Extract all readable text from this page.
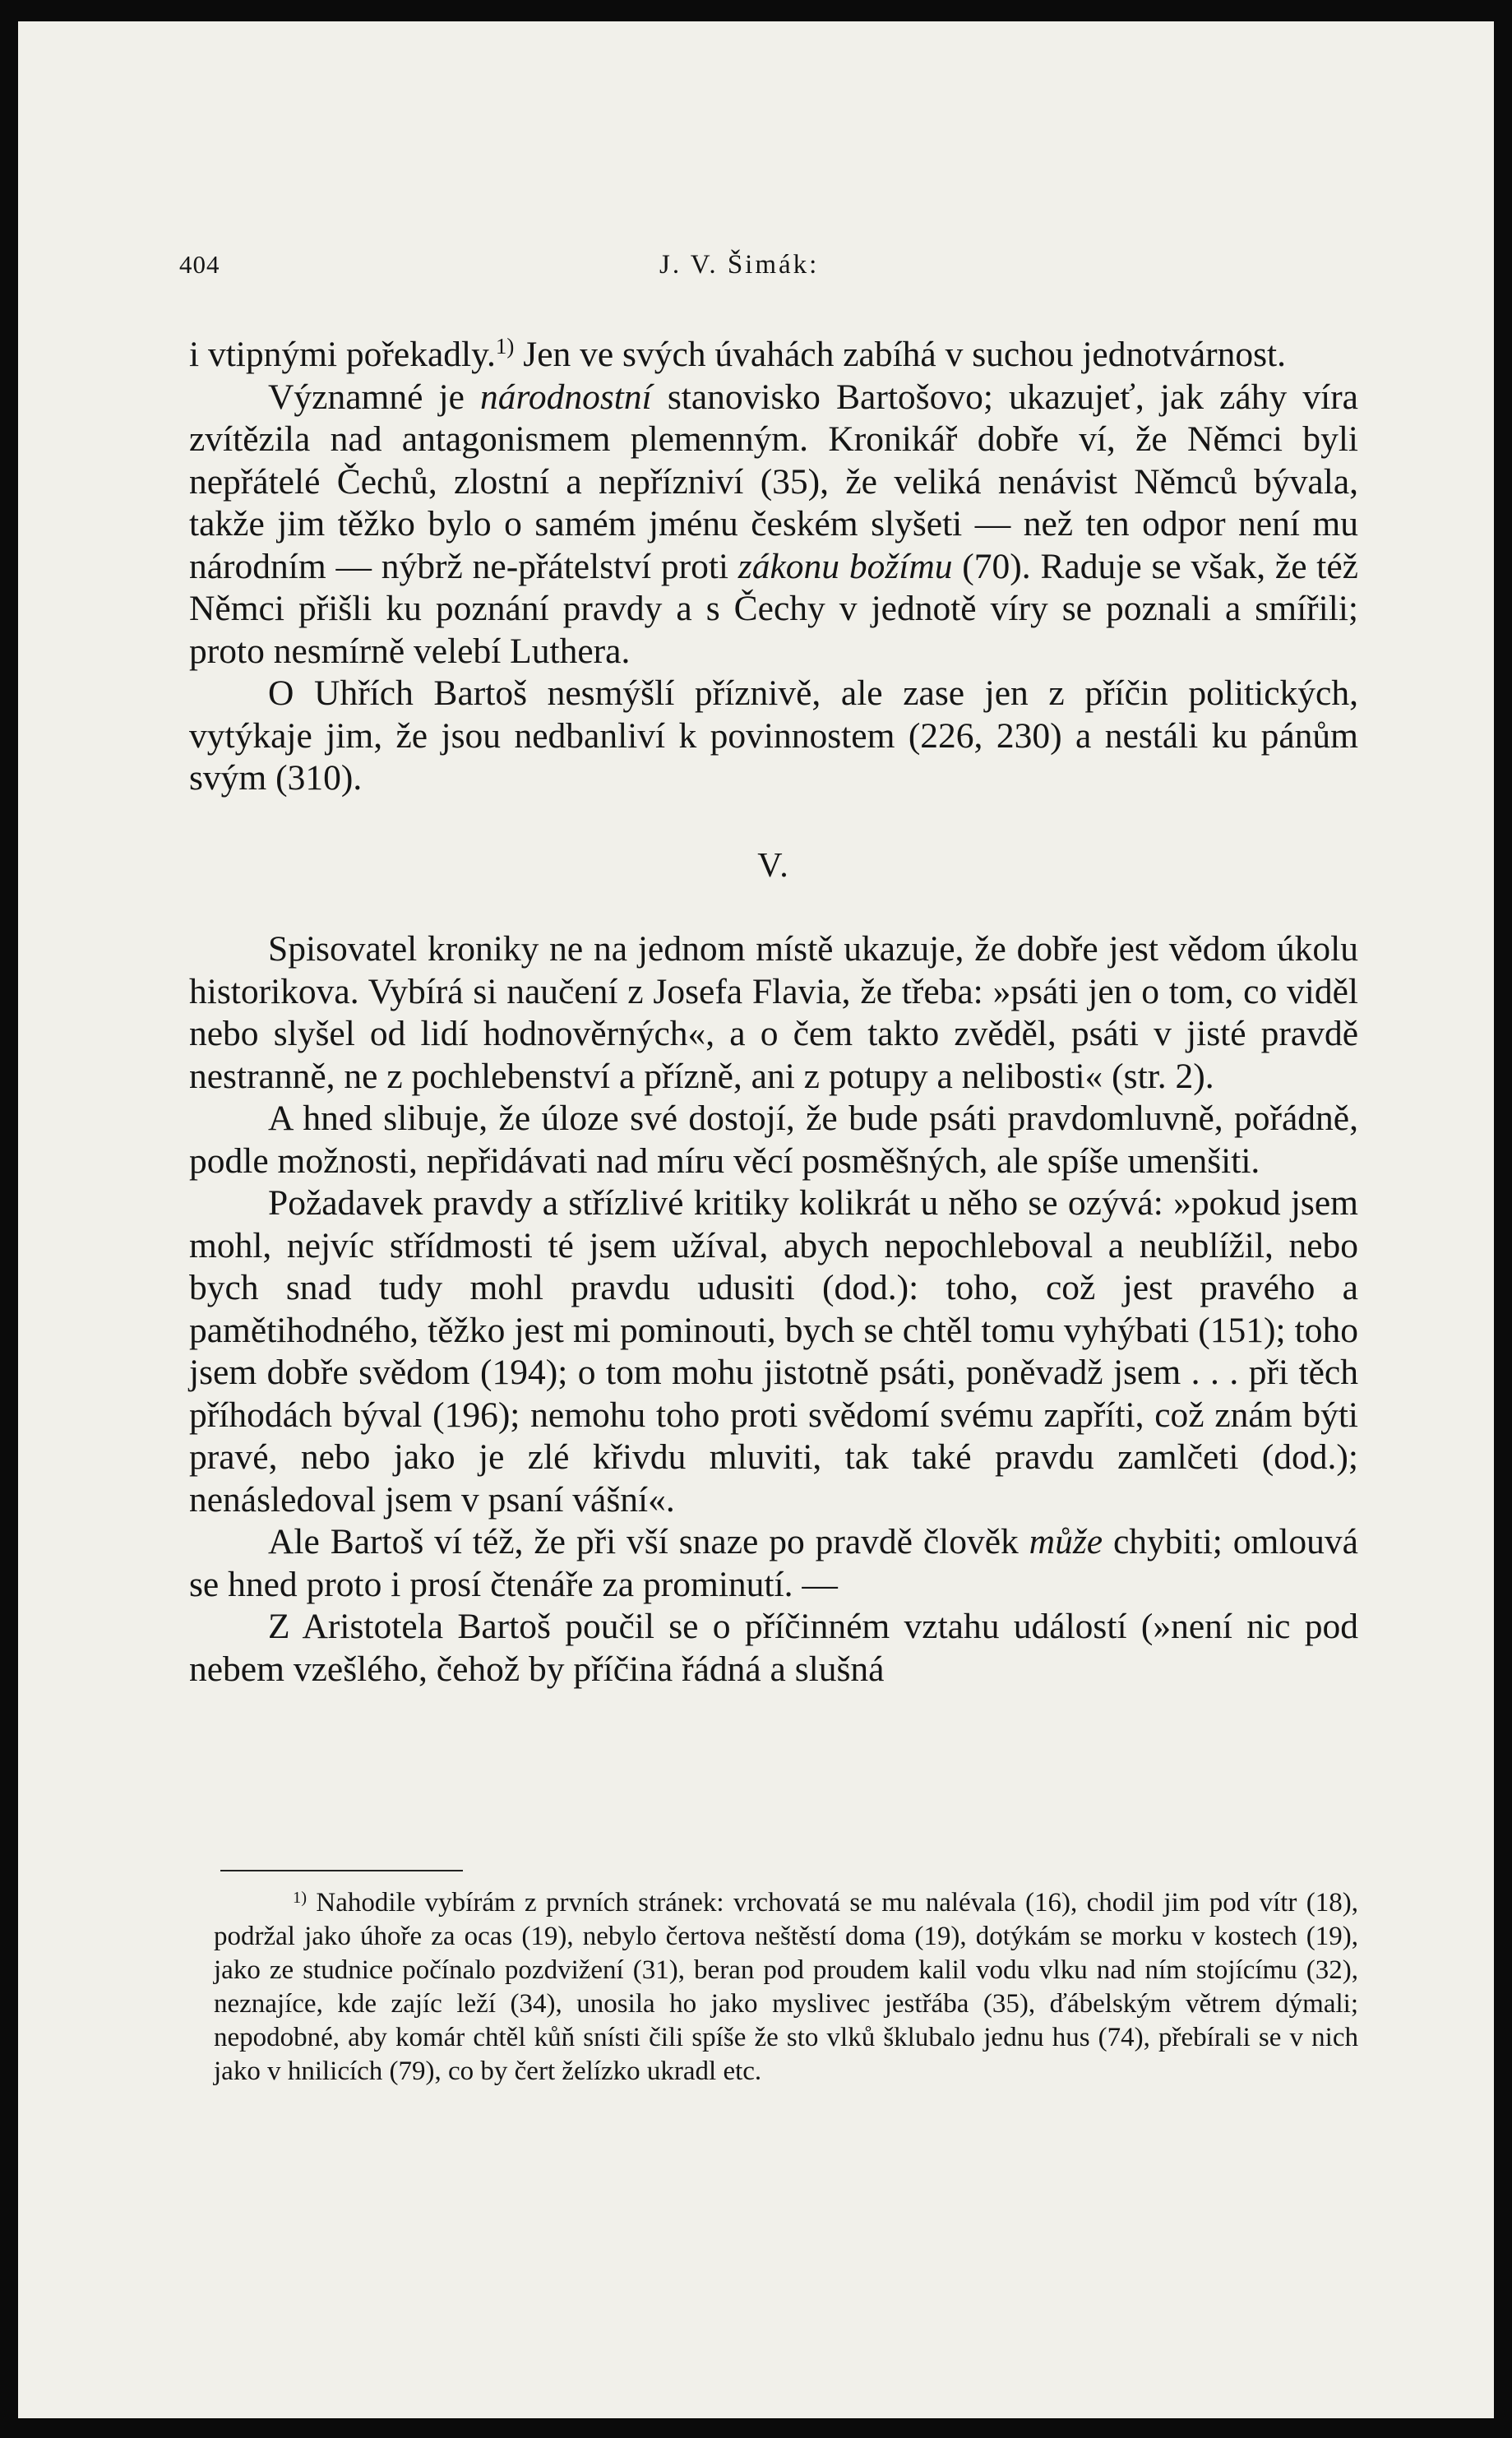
404	J. V. Šimák:

i vtipnými pořekadly.$^{1)}$ Jen ve svých úvahách zabíhá v suchou jednotvárnost.

Významné je národnostní stanovisko Bartošovo; ukazujeť, jak záhy víra zvítězila nad antagonismem plemenným. Kronikář dobře ví, že Němci byli nepřátelé Čechů, zlostní a nepřízniví (35), že veliká nenávist Němců bývala, takže jim těžko bylo o samém jménu českém slyšeti — než ten odpor není mu národním — nýbrž ne-přátelství proti zákonu božímu (70). Raduje se však, že též Němci přišli ku poznání pravdy a s Čechy v jednotě víry se poznali a smířili; proto nesmírně velebí Luthera.

O Uhřích Bartoš nesmýšlí příznivě, ale zase jen z příčin politických, vytýkaje jim, že jsou nedbanliví k povinnostem (226, 230) a nestáli ku pánům svým (310).

V.

Spisovatel kroniky ne na jednom místě ukazuje, že dobře jest vědom úkolu historikova. Vybírá si naučení z Josefa Flavia, že třeba: »psáti jen o tom, co viděl nebo slyšel od lidí hodnověrných«, a o čem takto zvěděl, psáti v jisté pravdě nestranně, ne z pochlebenství a přízně, ani z potupy a nelibosti« (str. 2).

A hned slibuje, že úloze své dostojí, že bude psáti pravdomluvně, pořádně, podle možnosti, nepřidávati nad míru věcí posměšných, ale spíše umenšiti.

Požadavek pravdy a střízlivé kritiky kolikrát u něho se ozývá: »pokud jsem mohl, nejvíc střídmosti té jsem užíval, abych nepochleboval a neublížil, nebo bych snad tudy mohl pravdu udusiti (dod.): toho, což jest pravého a pamětihodného, těžko jest mi pominouti, bych se chtěl tomu vyhýbati (151); toho jsem dobře svědom (194); o tom mohu jistotně psáti, poněvadž jsem . . . při těch příhodách býval (196); nemohu toho proti svědomí svému zapříti, což znám býti pravé, nebo jako je zlé křivdu mluviti, tak také pravdu zamlčeti (dod.); nenásledoval jsem v psaní vášní«.

Ale Bartoš ví též, že při vší snaze po pravdě člověk může chybiti; omlouvá se hned proto i prosí čtenáře za prominutí. —

Z Aristotela Bartoš poučil se o příčinném vztahu událostí (»není nic pod nebem vzešlého, čehož by příčina řádná a slušná

$^{1)}$ Nahodile vybírám z prvních stránek: vrchovatá se mu nalévala (16), chodil jim pod vítr (18), podržal jako úhoře za ocas (19), nebylo čertova neštěstí doma (19), dotýkám se morku v kostech (19), jako ze studnice počínalo pozdvižení (31), beran pod proudem kalil vodu vlku nad ním stojícímu (32), neznajíce, kde zajíc leží (34), unosila ho jako myslivec jestřába (35), ďábelským větrem dýmali; nepodobné, aby komár chtěl kůň snísti čili spíše že sto vlků šklubalo jednu hus (74), přebírali se v nich jako v hnilicích (79), co by čert želízko ukradl etc.
